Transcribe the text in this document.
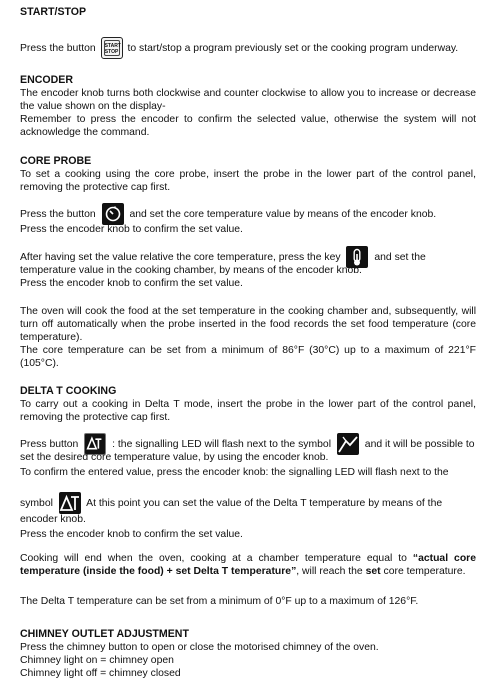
START/STOP
Press the button START
STOP to start/stop a program previously set or the cooking program underway.
ENCODER
The encoder knob turns both clockwise and counter clockwise to allow you to increase or decrease the value shown on the display-
Remember to press the encoder to confirm the selected value, otherwise the system will not acknowledge the command.
CORE PROBE
To set a cooking using the core probe, insert the probe in the lower part of the control panel, removing the protective cap first.
Press the button	and set the core temperature value by means of the encoder knob.
Press the encoder knob to confirm the set value.
After having set the value relative the core temperature, press the key	and set the
temperature value in the cooking chamber, by means of the encoder knob.
Press the encoder knob to confirm the set value.
The oven will cook the food at the set temperature in the cooking chamber and, subsequently, will turn off automatically when the probe inserted in the food records the set food temperature (core temperature).
The core temperature can be set from a minimum of 86°F (30°C) up to a maximum of 221°F (105°C).
DELTA T COOKING
To carry out a cooking in Delta T mode, insert the probe in the lower part of the control panel, removing the protective cap first.
Press button	: the signalling LED will flash next to the symbol	and it will be possible to
set the desired core temperature value, by using the encoder knob.
To confirm the entered value, press the encoder knob: the signalling LED will flash next to the
symbol	At this point you can set the value of the Delta T temperature by means of the
encoder knob.
Press the encoder knob to confirm the set value.
Cooking will end when the oven, cooking at a chamber temperature equal to “actual core temperature (inside the food) + set Delta T temperature”, will reach the set core temperature.
The Delta T temperature can be set from a minimum of 0°F up to a maximum of 126°F.
CHIMNEY OUTLET ADJUSTMENT
Press the chimney button to open or close the motorised chimney of the oven.
Chimney light on = chimney open
Chimney light off = chimney closed
